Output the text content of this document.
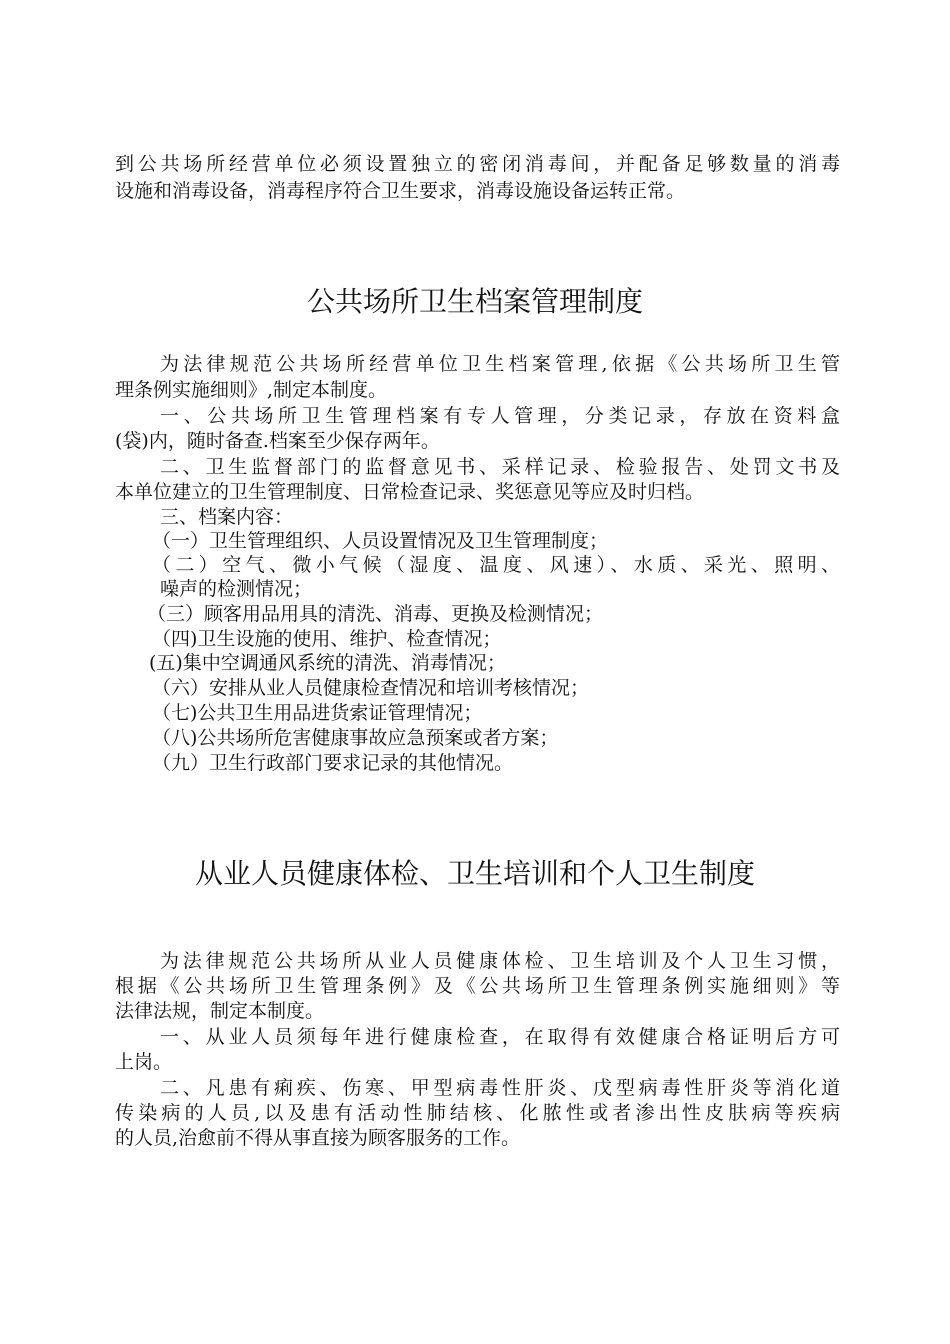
到公共场所经营单位必须设置独立的密闭消毒间，并配备足够数量的消毒
设施和消毒设备，消毒程序符合卫生要求，消毒设施设备运转正常。
公共场所卫生档案管理制度
为法律规范公共场所经营单位卫生档案管理,依据《公共场所卫生管
理条例实施细则》,制定本制度。
一、公共场所卫生管理档案有专人管理，分类记录，存放在资料盒
(袋)内，随时备查.档案至少保存两年。
二、卫生监督部门的监督意见书、采样记录、检验报告、处罚文书及
本单位建立的卫生管理制度、日常检查记录、奖惩意见等应及时归档。
三、档案内容：
（一）卫生管理组织、人员设置情况及卫生管理制度；
（二）空气、微小气候（湿度、温度、风速）、水质、采光、照明、
噪声的检测情况；
（三）顾客用品用具的清洗、消毒、更换及检测情况；
（四)卫生设施的使用、维护、检查情况；
(五)集中空调通风系统的清洗、消毒情况；
（六）安排从业人员健康检查情况和培训考核情况；
（七)公共卫生用品进货索证管理情况；
（八)公共场所危害健康事故应急预案或者方案；
（九）卫生行政部门要求记录的其他情况。
从业人员健康体检、卫生培训和个人卫生制度
为法律规范公共场所从业人员健康体检、卫生培训及个人卫生习惯，
根据《公共场所卫生管理条例》及《公共场所卫生管理条例实施细则》等
法律法规，制定本制度。
一、从业人员须每年进行健康检查，在取得有效健康合格证明后方可
上岗。
二、凡患有痢疾、伤寒、甲型病毒性肝炎、戊型病毒性肝炎等消化道
传染病的人员,以及患有活动性肺结核、化脓性或者渗出性皮肤病等疾病
的人员,治愈前不得从事直接为顾客服务的工作。
